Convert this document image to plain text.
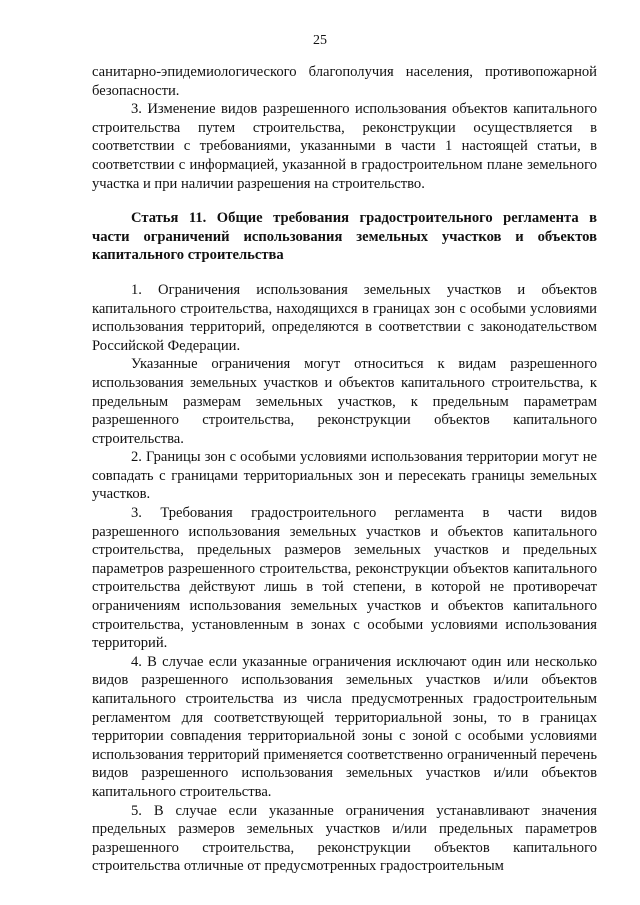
25

санитарно-эпидемиологического благополучия населения, противопожарной безопасности.

3. Изменение видов разрешенного использования объектов капитального строительства путем строительства, реконструкции осуществляется в соответствии с требованиями, указанными в части 1 настоящей статьи, в соответствии с информацией, указанной в градостроительном плане земельного участка и при наличии разрешения на строительство.

Статья 11. Общие требования градостроительного регламента в части ограничений использования земельных участков и объектов капитального строительства

1. Ограничения использования земельных участков и объектов капитального строительства, находящихся в границах зон с особыми условиями использования территорий, определяются в соответствии с законодательством Российской Федерации.

Указанные ограничения могут относиться к видам разрешенного использования земельных участков и объектов капитального строительства, к предельным размерам земельных участков, к предельным параметрам разрешенного строительства, реконструкции объектов капитального строительства.

2. Границы зон с особыми условиями использования территории могут не совпадать с границами территориальных зон и пересекать границы земельных участков.

3. Требования градостроительного регламента в части видов разрешенного использования земельных участков и объектов капитального строительства, предельных размеров земельных участков и предельных параметров разрешенного строительства, реконструкции объектов капитального строительства действуют лишь в той степени, в которой не противоречат ограничениям использования земельных участков и объектов капитального строительства, установленным в зонах с особыми условиями использования территорий.

4. В случае если указанные ограничения исключают один или несколько видов разрешенного использования земельных участков и/или объектов капитального строительства из числа предусмотренных градостроительным регламентом для соответствующей территориальной зоны, то в границах территории совпадения территориальной зоны с зоной с особыми условиями использования территорий применяется соответственно ограниченный перечень видов разрешенного использования земельных участков и/или объектов капитального строительства.

5. В случае если указанные ограничения устанавливают значения предельных размеров земельных участков и/или предельных параметров разрешенного строительства, реконструкции объектов капитального строительства отличные от предусмотренных градостроительным
